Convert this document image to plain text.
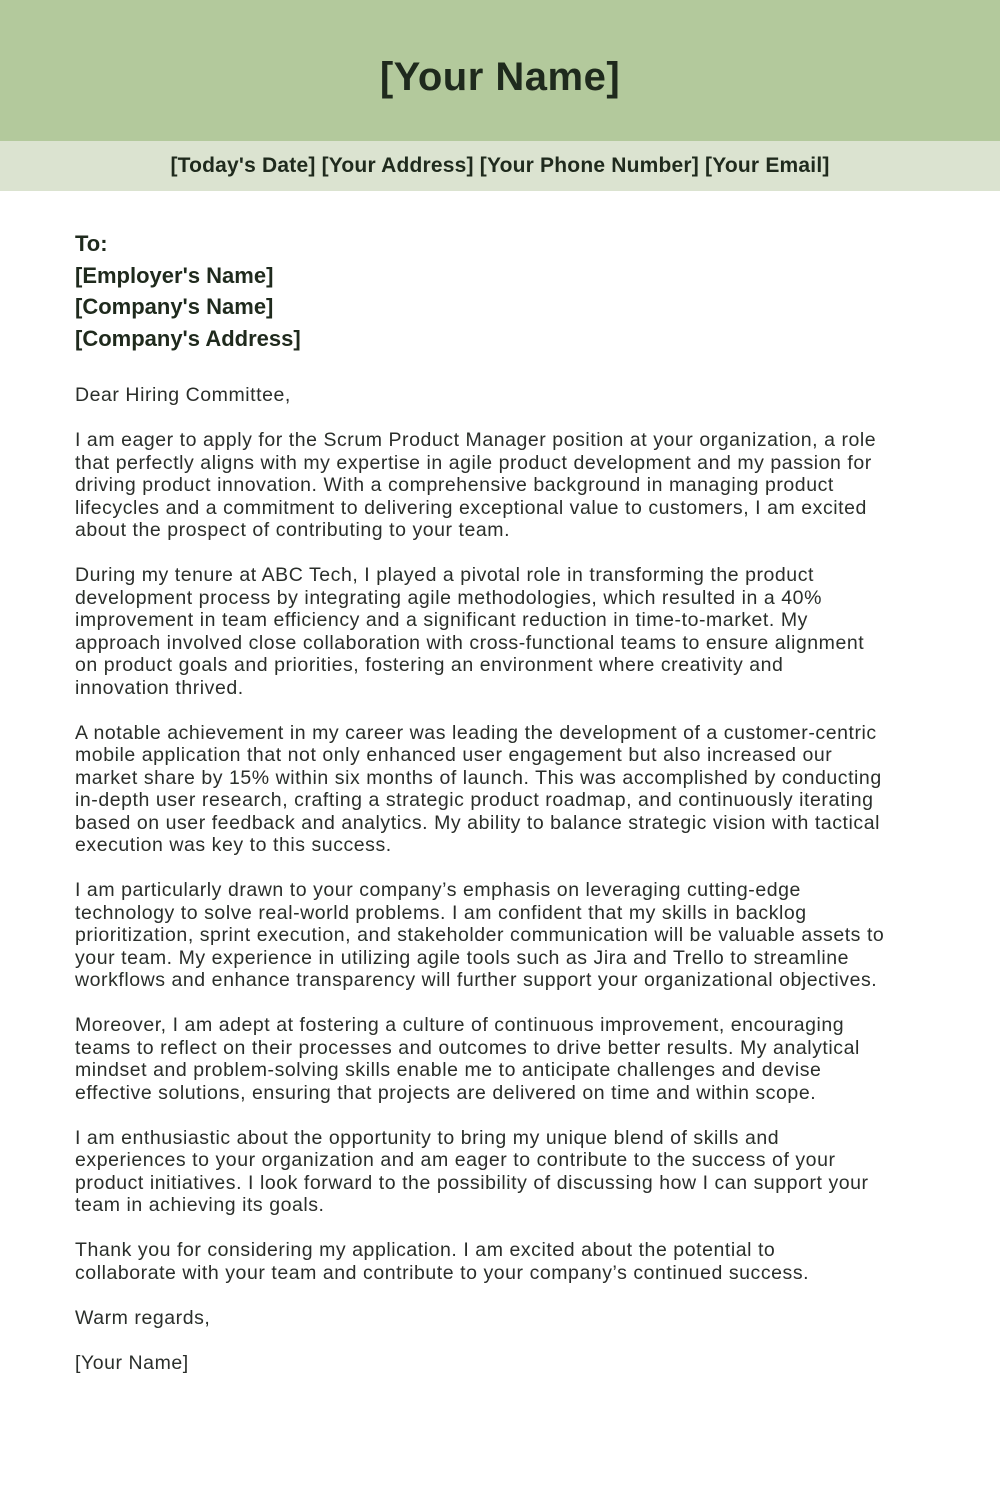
[Your Name]
[Today's Date] [Your Address] [Your Phone Number] [Your Email]
To:
[Employer's Name]
[Company's Name]
[Company's Address]
Dear Hiring Committee,
I am eager to apply for the Scrum Product Manager position at your organization, a role
that perfectly aligns with my expertise in agile product development and my passion for
driving product innovation. With a comprehensive background in managing product
lifecycles and a commitment to delivering exceptional value to customers, I am excited
about the prospect of contributing to your team.
During my tenure at ABC Tech, I played a pivotal role in transforming the product
development process by integrating agile methodologies, which resulted in a 40%
improvement in team efficiency and a significant reduction in time-to-market. My
approach involved close collaboration with cross-functional teams to ensure alignment
on product goals and priorities, fostering an environment where creativity and
innovation thrived.
A notable achievement in my career was leading the development of a customer-centric
mobile application that not only enhanced user engagement but also increased our
market share by 15% within six months of launch. This was accomplished by conducting
in-depth user research, crafting a strategic product roadmap, and continuously iterating
based on user feedback and analytics. My ability to balance strategic vision with tactical
execution was key to this success.
I am particularly drawn to your company’s emphasis on leveraging cutting-edge
technology to solve real-world problems. I am confident that my skills in backlog
prioritization, sprint execution, and stakeholder communication will be valuable assets to
your team. My experience in utilizing agile tools such as Jira and Trello to streamline
workflows and enhance transparency will further support your organizational objectives.
Moreover, I am adept at fostering a culture of continuous improvement, encouraging
teams to reflect on their processes and outcomes to drive better results. My analytical
mindset and problem-solving skills enable me to anticipate challenges and devise
effective solutions, ensuring that projects are delivered on time and within scope.
I am enthusiastic about the opportunity to bring my unique blend of skills and
experiences to your organization and am eager to contribute to the success of your
product initiatives. I look forward to the possibility of discussing how I can support your
team in achieving its goals.
Thank you for considering my application. I am excited about the potential to
collaborate with your team and contribute to your company’s continued success.
Warm regards,
[Your Name]
